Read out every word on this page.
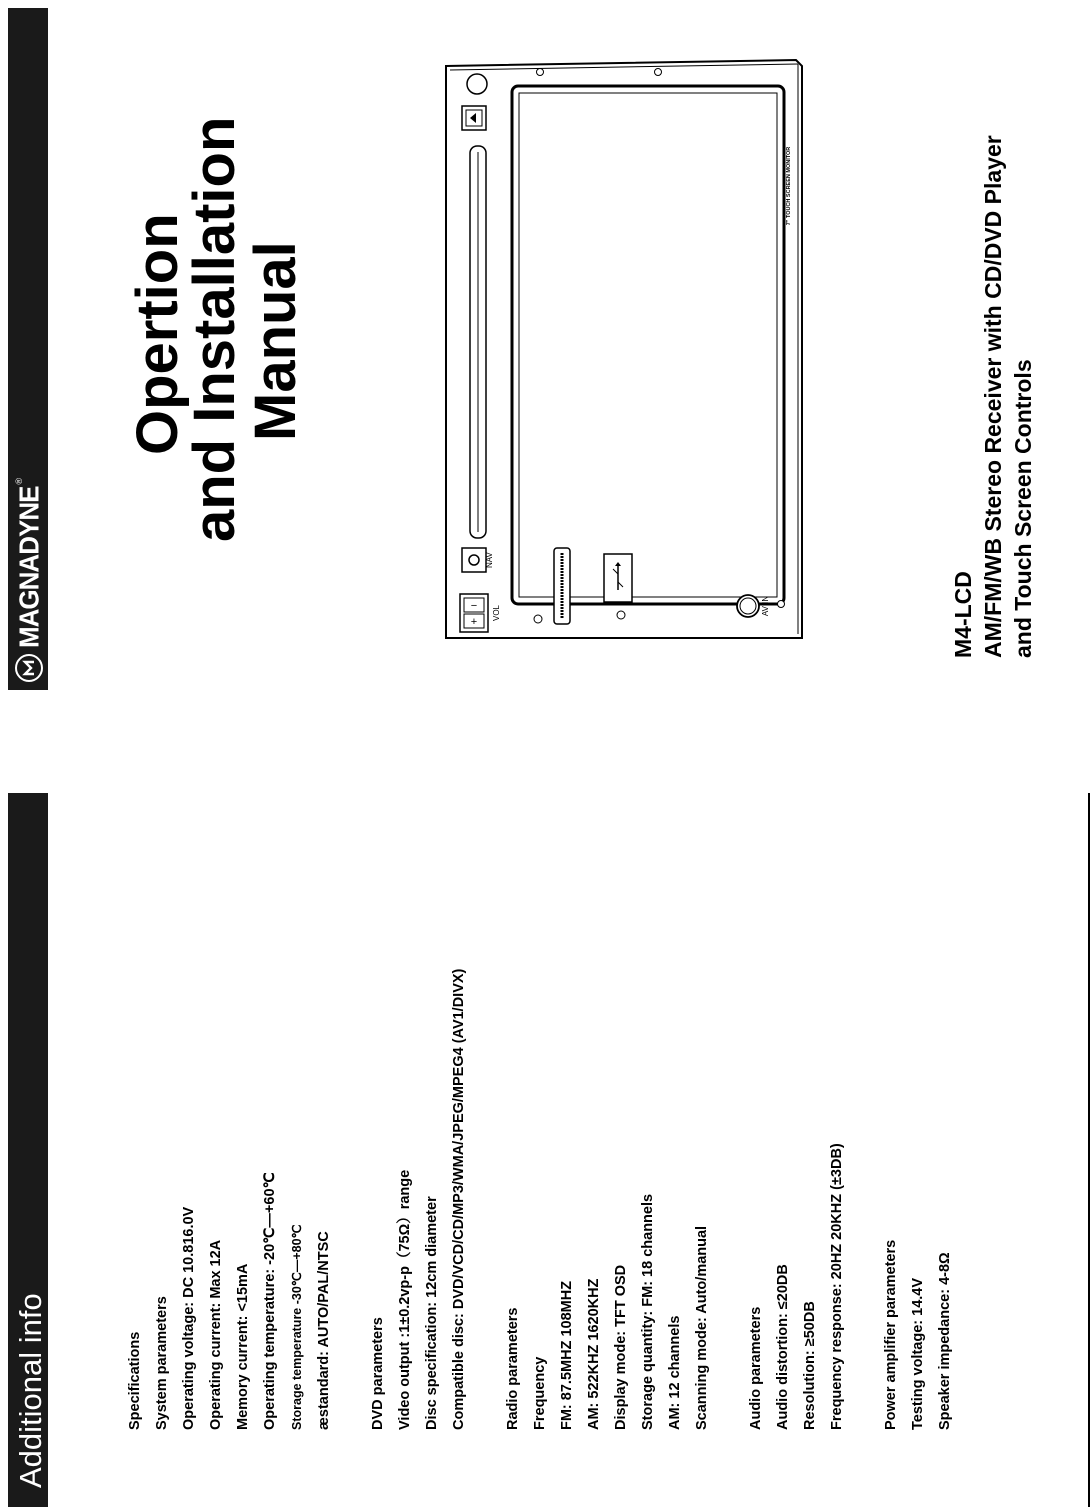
Additional info	Specifications System parameters Operating voltage: DC 10.816.0V Operating current: Max 12A Memory current: <15mA Operating temperature: -20℃—+60℃ Storage temperature -30℃—+80℃ æstandard: AUTO/PAL/NTSC	DVD parameters Video output :1±0.2vp-p（75Ω）range Disc specification: 12cm diameter Compatible disc: DVD/VCD/CD/MP3/WMA/JPEG/MPEG4 (AV1/DIVX)	Radio parameters Frequency FM: 87.5MHZ 108MHZ AM: 522KHZ 1620KHZ Display mode: TFT OSD Storage quantity: FM: 18 channels AM: 12 channels Scanning mode: Auto/manual	Audio parameters Audio distortion: ≤20DB Resolution: ≥50DB Frequency response: 20HZ 20KHZ (±3DB)	Power amplifier parameters Testing voltage: 14.4V Speaker impedance: 4-8Ω
MAGNADYNE
®
Opertion
and Installation
Manual
M4-LCD AM/FM/WB Stereo Receiver with CD/DVD Player and Touch Screen Controls
NAV
−
+
VOL	AV IN
7" TOUCH SCREEN MONITOR
